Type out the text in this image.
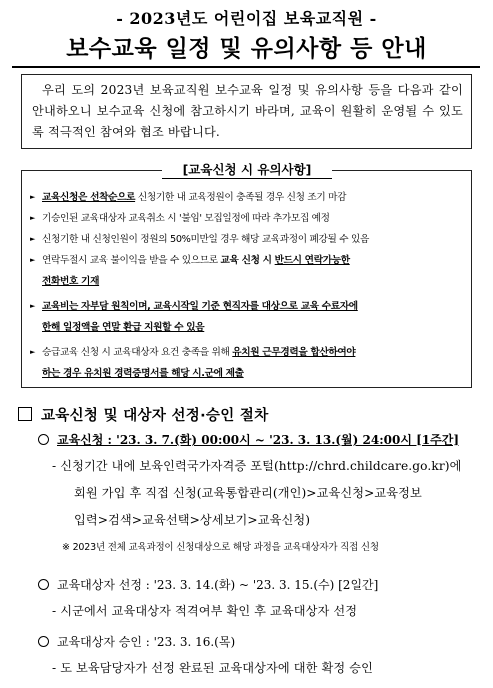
- 2023년도 어린이집 보육교직원 -
보수교육 일정 및 유의사항 등 안내

우리 도의 2023년 보육교직원 보수교육 일정 및 유의사항 등을 다음과 같이 안내하오니 보수교육 신청에 참고하시기 바라며, 교육이 원활히 운영될 수 있도록 적극적인 참여와 협조 바랍니다.

[교육신청 시 유의사항]
► 교육신청은 선착순으로 신청기한 내 교육정원이 충족될 경우 신청 조기 마감
► 기승인된 교육대상자 교육취소 시 '불임' 모집일정에 따라 추가모집 예정
► 신청기한 내 신청인원이 정원의 50%미만일 경우 해당 교육과정이 폐강될 수 있음
► 연락두절시 교육 불이익을 받을 수 있으므로 교육 신청 시 반드시 연락가능한
전화번호 기재
► 교육비는 자부담 원칙이며, 교육시작일 기준 현직자를 대상으로 교육 수료자에
한해 일정액을 연말 환급 지원할 수 있음
► 승급교육 신청 시 교육대상자 요건 충족을 위해 유치원 근무경력을 합산하여야
하는 경우 유치원 경력증명서를 해당 시.군에 제출
교육신청 및 대상자 선정·승인 절차
교육신청 : '23. 3. 7.(화) 00:00시 ~ '23. 3. 13.(월) 24:00시 [1주간]
- 신청기간 내에 보육인력국가자격증 포털(http://chrd.childcare.go.kr)에
회원 가입 후 직접 신청(교육통합관리(개인)>교육신청>교육정보
입력>검색>교육선택>상세보기>교육신청)
※ 2023년 전체 교육과정이 신청대상으로 해당 과정을 교육대상자가 직접 신청
교육대상자 선정 : '23. 3. 14.(화) ~ '23. 3. 15.(수) [2일간]
- 시군에서 교육대상자 적격여부 확인 후 교육대상자 선정
교육대상자 승인 : '23. 3. 16.(목)
- 도 보육담당자가 선정 완료된 교육대상자에 대한 확정 승인
